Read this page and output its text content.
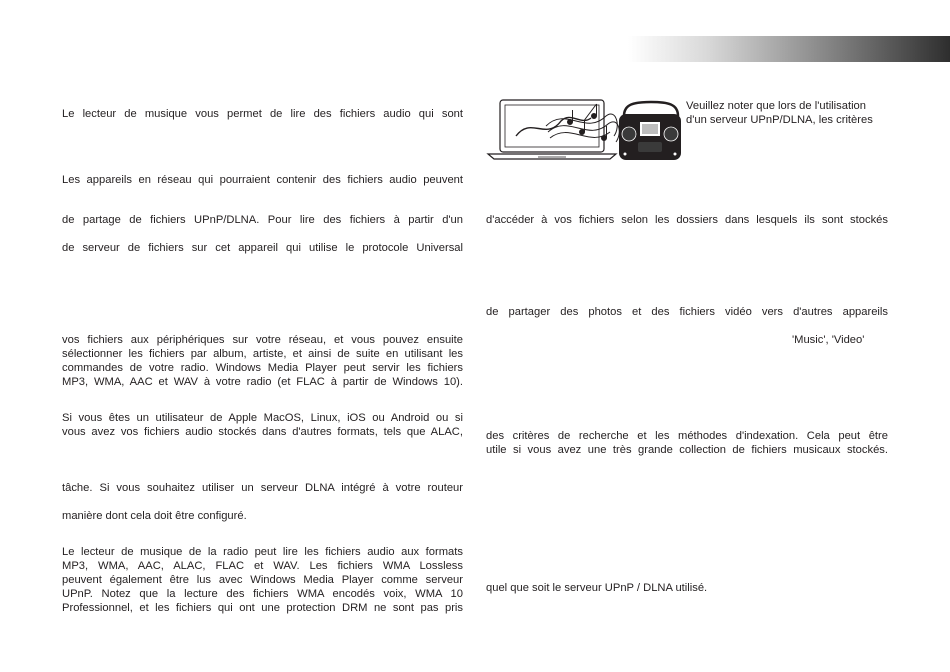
Le lecteur de musique vous permet de lire des fichiers audio qui sont
Les appareils en réseau qui pourraient contenir des fichiers audio peuvent
de partage de fichiers UPnP/DLNA. Pour lire des fichiers à partir d'un
de serveur de fichiers sur cet appareil qui utilise le protocole Universal
vos fichiers aux périphériques sur votre réseau, et vous pouvez ensuite
sélectionner les fichiers par album, artiste, et ainsi de suite en utilisant les
commandes de votre radio. Windows Media Player peut servir les fichiers
MP3, WMA, AAC et WAV à votre radio (et FLAC à partir de Windows 10).
Si vous êtes un utilisateur de Apple MacOS, Linux, iOS ou Android ou si
vous avez vos fichiers audio stockés dans d'autres formats, tels que ALAC,
tâche. Si vous souhaitez utiliser un serveur DLNA intégré à votre routeur
manière dont cela doit être configuré.
Le lecteur de musique de la radio peut lire les fichiers audio aux formats
MP3, WMA, AAC, ALAC, FLAC et WAV. Les fichiers WMA Lossless
peuvent également être lus avec Windows Media Player comme serveur
UPnP. Notez que la lecture des fichiers WMA encodés voix, WMA 10
Professionnel, et les fichiers qui ont une protection DRM ne sont pas pris
Veuillez noter que lors de l'utilisation
d'un serveur UPnP/DLNA, les critères
d'accéder à vos fichiers selon les dossiers dans lesquels ils sont stockés
de partager des photos et des fichiers vidéo vers d'autres appareils
'Music', 'Video'
des critères de recherche et les méthodes d'indexation. Cela peut être
utile si vous avez une très grande collection de fichiers musicaux stockés.
quel que soit le serveur UPnP / DLNA utilisé.
